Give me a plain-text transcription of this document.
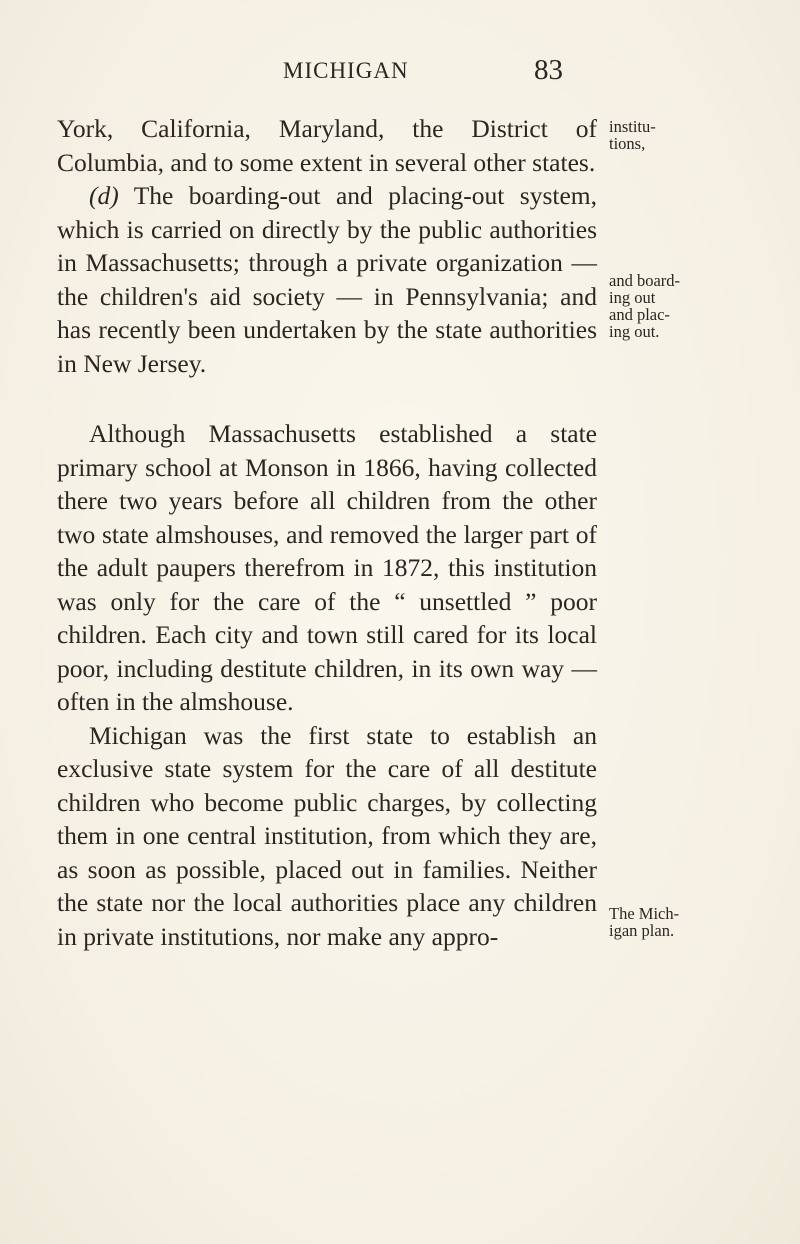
MICHIGAN	83

York, California, Maryland, the District of Columbia, and to some extent in several other states.

(d) The boarding-out and placing-out system, which is carried on directly by the public authorities in Massachusetts; through a private organization — the children's aid society — in Pennsylvania; and has recently been undertaken by the state authorities in New Jersey.

Although Massachusetts established a state primary school at Monson in 1866, having collected there two years before all children from the other two state almshouses, and removed the larger part of the adult paupers therefrom in 1872, this institution was only for the care of the “ unsettled ” poor children. Each city and town still cared for its local poor, including destitute children, in its own way — often in the almshouse.

Michigan was the first state to establish an exclusive state system for the care of all destitute children who become public charges, by collecting them in one central institution, from which they are, as soon as possible, placed out in families. Neither the state nor the local authorities place any children in private institutions, nor make any appro-

institu-
tions,
and board-
ing out
and plac-
ing out.
The Mich-
igan plan.
